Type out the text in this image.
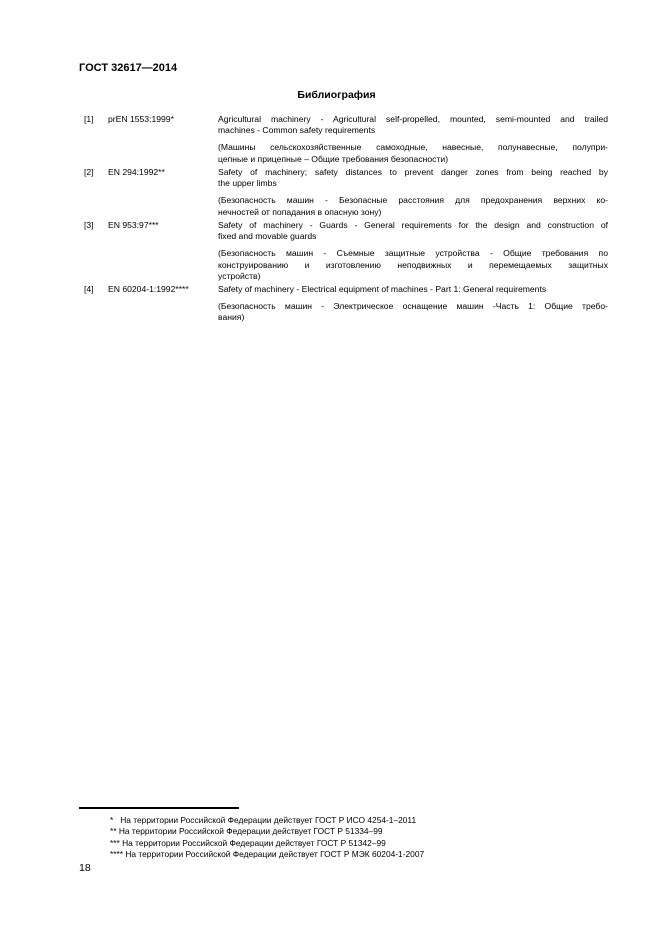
ГОСТ 32617—2014
Библиография
[1] prEN 1553:1999*	Agricultural machinery - Agricultural self-propelled, mounted, semi-mounted and trailed

machines - Common safety requirements

(Машины сельскохозяйственные самоходные, навесные, полунавесные, полупри-

цепные и прицепные – Общие требования безопасности)

[2] EN 294:1992**	Safety of machinery; safety distances to prevent danger zones from being reached by

the upper limbs

(Безопасность машин - Безопасные расстояния для предохранения верхних ко-

нечностей от попадания в опасную зону)

[3] EN 953:97***	Safety of machinery - Guards - General requirements for the design and construction of

fixed and movable guards

(Безопасность машин - Съемные защитные устройства - Общие требования по

конструированию и изготовлению неподвижных и перемещаемых защитных

устройств)

[4] EN 60204-1:1992****	Safety of machinery - Electrical equipment of machines - Part 1: General requirements

(Безопасность машин - Электрическое оснащение машин -Часть 1: Общие требо-

вания)

*   На территории Российской Федерации действует ГОСТ Р ИСО 4254-1–2011
** На территории Российской Федерации действует ГОСТ Р 51334–99
*** На территории Российской Федерации действует ГОСТ Р 51342–99
**** На территории Российской Федерации действует ГОСТ Р МЭК 60204-1-2007
18
